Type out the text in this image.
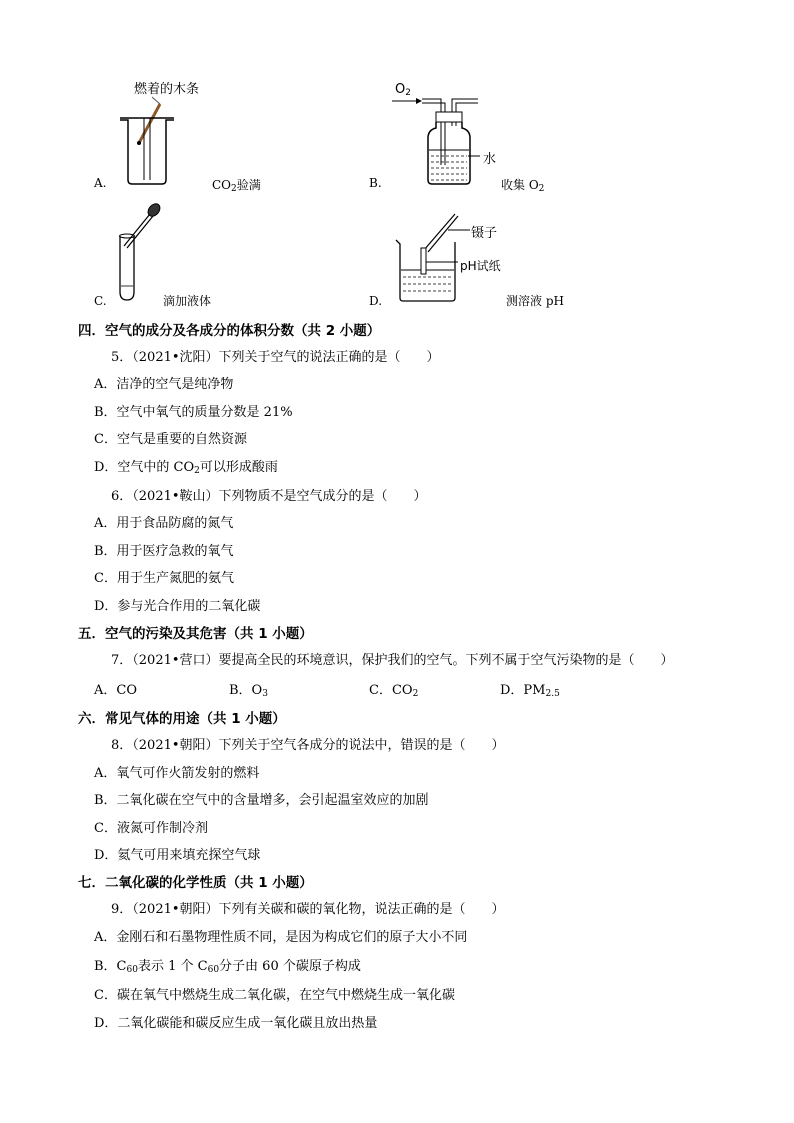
燃着的木条
A.	$CO_2$验满
$O_2$
水
B.	收集 $O_2$
C.	滴加液体
镊子
pH试纸
D.	测溶液 pH
四．空气的成分及各成分的体积分数（共 2 小题）
5．（2021•沈阳）下列关于空气的说法正确的是（　　）
A．洁净的空气是纯净物
B．空气中氧气的质量分数是 21%
C．空气是重要的自然资源
D．空气中的 $CO_2$可以形成酸雨
6．（2021•鞍山）下列物质不是空气成分的是（　　）
A．用于食品防腐的氮气
B．用于医疗急救的氧气
C．用于生产氮肥的氨气
D．参与光合作用的二氧化碳
五．空气的污染及其危害（共 1 小题）
7．（2021•营口）要提高全民的环境意识，保护我们的空气。下列不属于空气污染物的是（　　）
A．CO	B．$O_3$	C．$CO_2$	D．$PM_{2.5}$
六．常见气体的用途（共 1 小题）
8．（2021•朝阳）下列关于空气各成分的说法中，错误的是（　　）
A．氧气可作火箭发射的燃料
B．二氧化碳在空气中的含量增多，会引起温室效应的加剧
C．液氮可作制冷剂
D．氦气可用来填充探空气球
七．二氧化碳的化学性质（共 1 小题）
9．（2021•朝阳）下列有关碳和碳的氧化物，说法正确的是（　　）
A．金刚石和石墨物理性质不同，是因为构成它们的原子大小不同
B．$C_{60}$表示 1 个 $C_{60}$分子由 60 个碳原子构成
C．碳在氧气中燃烧生成二氧化碳，在空气中燃烧生成一氧化碳
D．二氧化碳能和碳反应生成一氧化碳且放出热量
